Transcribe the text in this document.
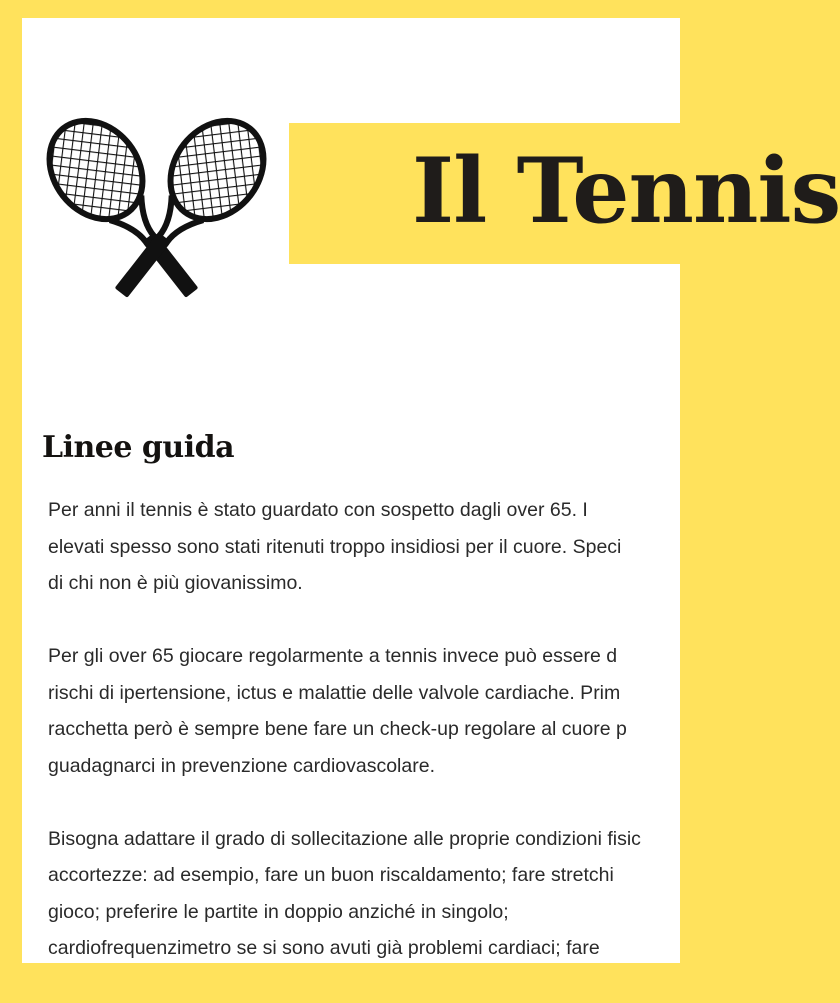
Il Tennis
Linee guida

Per anni il tennis è stato guardato con sospetto dagli over 65. I
elevati spesso sono stati ritenuti troppo insidiosi per il cuore. Speci
di chi non è più giovanissimo.

Per gli over 65 giocare regolarmente a tennis invece può essere d
rischi di ipertensione, ictus e malattie delle valvole cardiache. Prim
racchetta però è sempre bene fare un check-up regolare al cuore p
guadagnarci in prevenzione cardiovascolare.

Bisogna adattare il grado di sollecitazione alle proprie condizioni fisic
accortezze: ad esempio, fare un buon riscaldamento; fare stretchi
gioco; preferire le partite in doppio anziché in singolo;
cardiofrequenzimetro se si sono avuti già problemi cardiaci; fare
